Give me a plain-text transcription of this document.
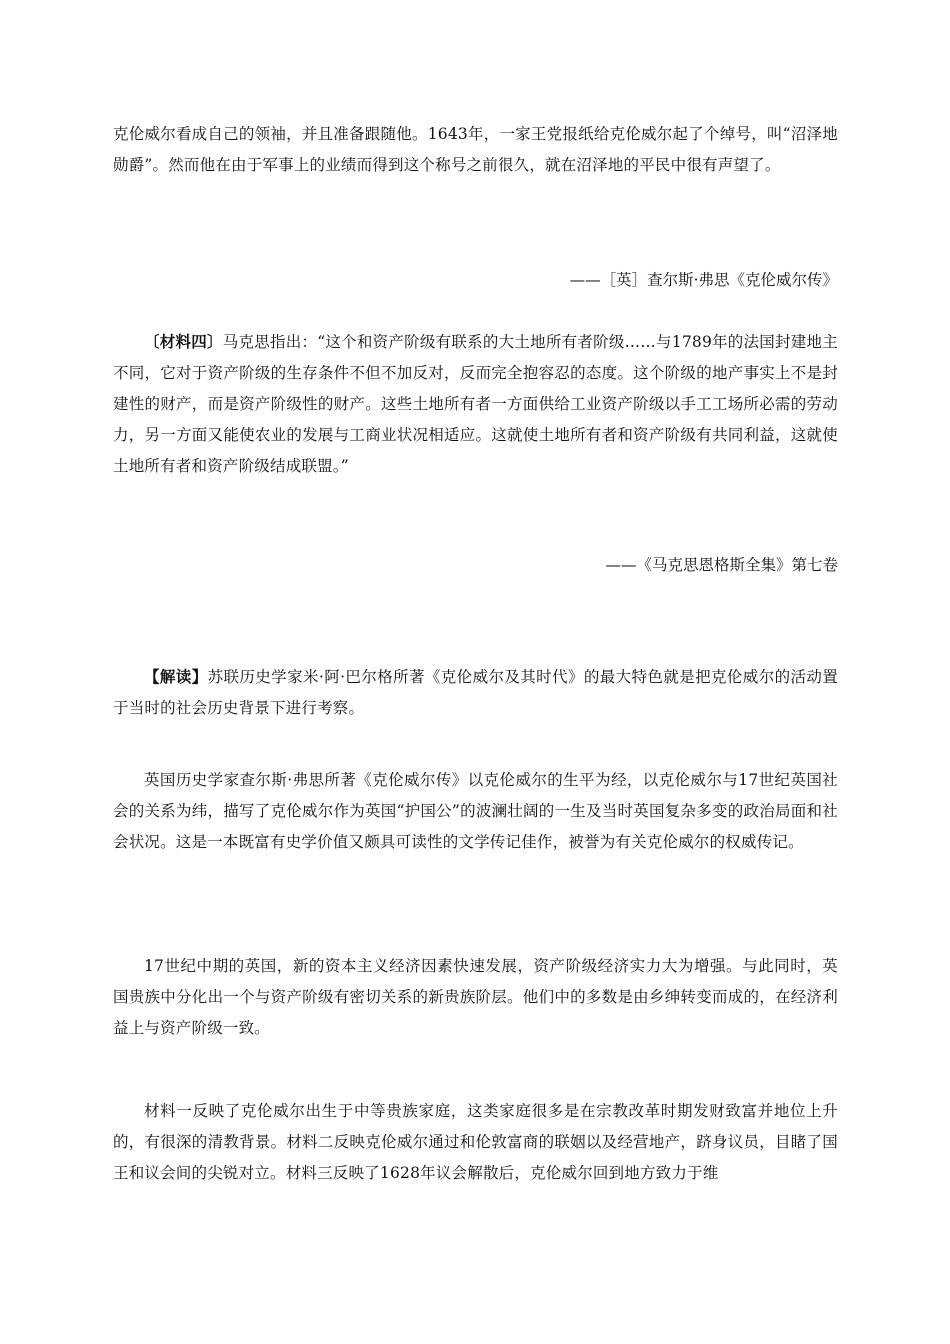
克伦威尔看成自己的领袖，并且准备跟随他。1643年，一家王党报纸给克伦威尔起了个绰号，叫“沼泽地勋爵”。然而他在由于军事上的业绩而得到这个称号之前很久，就在沼泽地的平民中很有声望了。

——［英］查尔斯·弗思《克伦威尔传》

〔材料四〕马克思指出：“这个和资产阶级有联系的大土地所有者阶级……与1789年的法国封建地主不同，它对于资产阶级的生存条件不但不加反对，反而完全抱容忍的态度。这个阶级的地产事实上不是封建性的财产，而是资产阶级性的财产。这些土地所有者一方面供给工业资产阶级以手工工场所必需的劳动力，另一方面又能使农业的发展与工商业状况相适应。这就使土地所有者和资产阶级有共同利益，这就使土地所有者和资产阶级结成联盟。”

——《马克思恩格斯全集》第七卷

【解读】苏联历史学家米·阿·巴尔格所著《克伦威尔及其时代》的最大特色就是把克伦威尔的活动置于当时的社会历史背景下进行考察。

英国历史学家查尔斯·弗思所著《克伦威尔传》以克伦威尔的生平为经，以克伦威尔与17世纪英国社会的关系为纬，描写了克伦威尔作为英国“护国公”的波澜壮阔的一生及当时英国复杂多变的政治局面和社会状况。这是一本既富有史学价值又颇具可读性的文学传记佳作，被誉为有关克伦威尔的权威传记。

17世纪中期的英国，新的资本主义经济因素快速发展，资产阶级经济实力大为增强。与此同时，英国贵族中分化出一个与资产阶级有密切关系的新贵族阶层。他们中的多数是由乡绅转变而成的，在经济利益上与资产阶级一致。

材料一反映了克伦威尔出生于中等贵族家庭，这类家庭很多是在宗教改革时期发财致富并地位上升的，有很深的清教背景。材料二反映克伦威尔通过和伦敦富商的联姻以及经营地产，跻身议员，目睹了国王和议会间的尖锐对立。材料三反映了1628年议会解散后，克伦威尔回到地方致力于维
